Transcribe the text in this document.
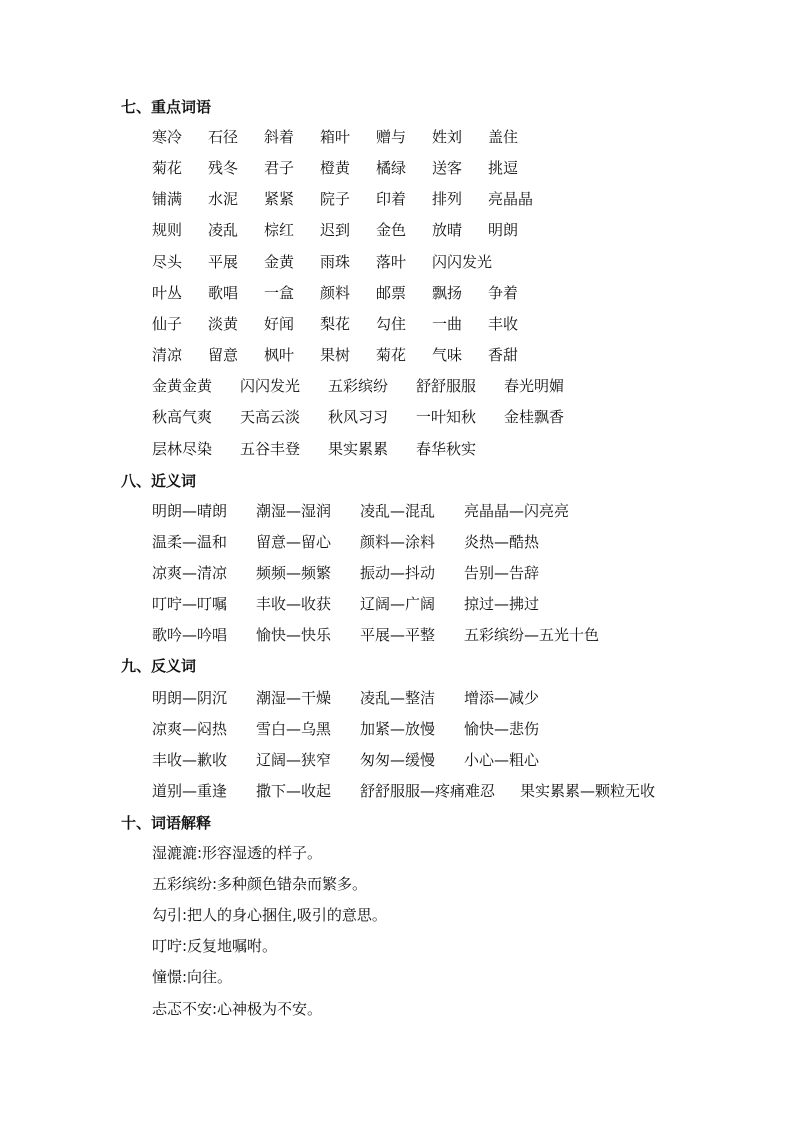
七、重点词语
寒冷 石径 斜着 箱叶 赠与 姓刘 盖住
菊花 残冬 君子 橙黄 橘绿 送客 挑逗
铺满 水泥 紧紧 院子 印着 排列 亮晶晶
规则 凌乱 棕红 迟到 金色 放晴 明朗
尽头 平展 金黄 雨珠 落叶 闪闪发光
叶丛 歌唱 一盒 颜料 邮票 飘扬 争着
仙子 淡黄 好闻 梨花 勾住 一曲 丰收
清凉 留意 枫叶 果树 菊花 气味 香甜
金黄金黄 闪闪发光 五彩缤纷 舒舒服服 春光明媚
秋高气爽 天高云淡 秋风习习 一叶知秋 金桂飘香
层林尽染 五谷丰登 果实累累 春华秋实
八、近义词
明朗—晴朗 潮湿—湿润 凌乱—混乱 亮晶晶—闪亮亮
温柔—温和 留意—留心 颜料—涂料 炎热—酷热
凉爽—清凉 频频—频繁 振动—抖动 告别—告辞
叮咛—叮嘱 丰收—收获 辽阔—广阔 掠过—拂过
歌吟—吟唱 愉快—快乐 平展—平整 五彩缤纷—五光十色
九、反义词
明朗—阴沉 潮湿—干燥 凌乱—整洁 增添—减少
凉爽—闷热 雪白—乌黑 加紧—放慢 愉快—悲伤
丰收—歉收 辽阔—狭窄 匆匆—缓慢 小心—粗心
道别—重逢 撒下—收起 舒舒服服—疼痛难忍 果实累累—颗粒无收
十、词语解释
湿漉漉:形容湿透的样子。
五彩缤纷:多种颜色错杂而繁多。
勾引:把人的身心捆住,吸引的意思。
叮咛:反复地嘱咐。
憧憬:向往。
忐忑不安:心神极为不安。
